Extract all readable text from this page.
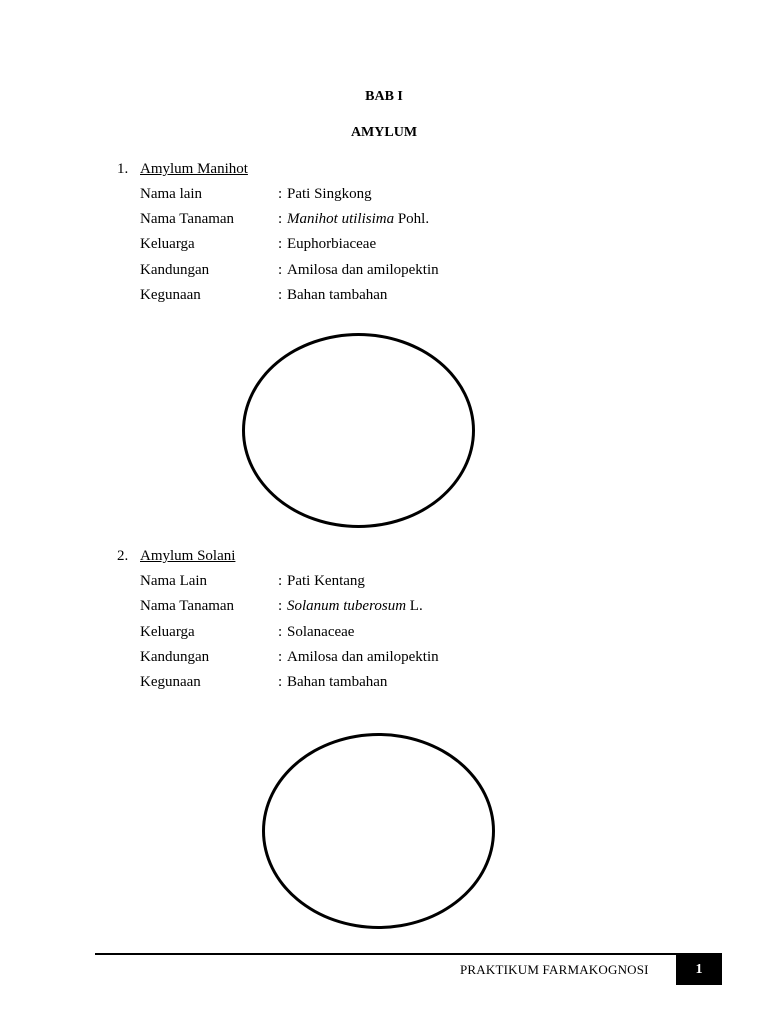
BAB I
AMYLUM
1. Amylum Manihot
Nama lain	: Pati Singkong
Nama Tanaman	: Manihot utilisima Pohl.
Keluarga	: Euphorbiaceae
Kandungan	: Amilosa dan amilopektin
Kegunaan	: Bahan tambahan
2. Amylum Solani
Nama Lain	: Pati Kentang
Nama Tanaman	: Solanum tuberosum L.
Keluarga	: Solanaceae
Kandungan	: Amilosa dan amilopektin
Kegunaan	: Bahan tambahan
PRAKTIKUM FARMAKOGNOSI	1
